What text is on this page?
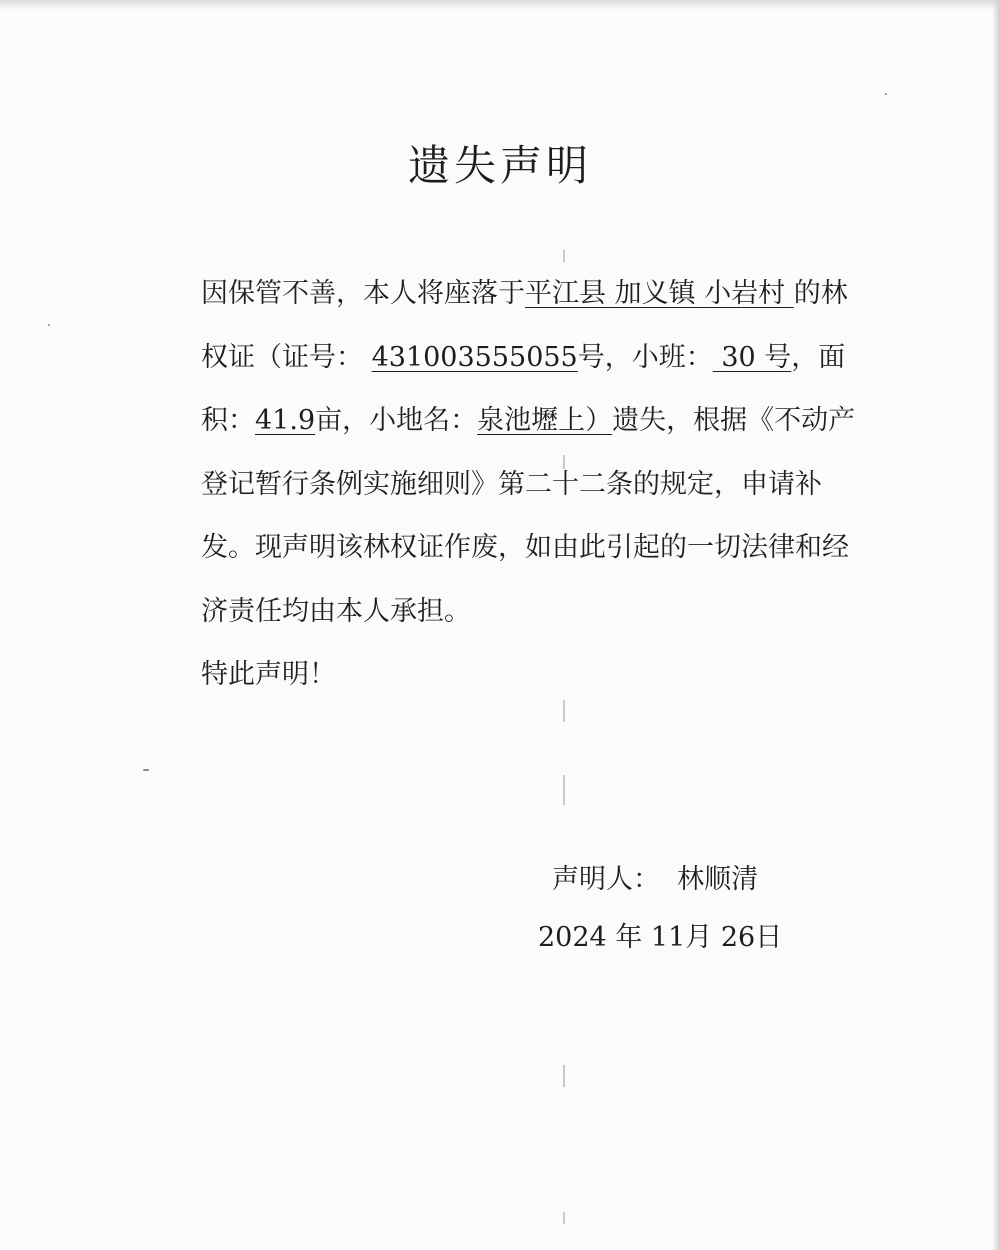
遗失声明

因保管不善，本人将座落于平江县 加义镇 小岩村 的林权证（证号： 431003555055号，小班： 30 号，面积：41.9亩，小地名：泉池壢上）遗失，根据《不动产登记暂行条例实施细则》第二十二条的规定，申请补发。现声明该林权证作废，如由此引起的一切法律和经济责任均由本人承担。

特此声明！

声明人： 林顺清
2024 年 11月 26日
